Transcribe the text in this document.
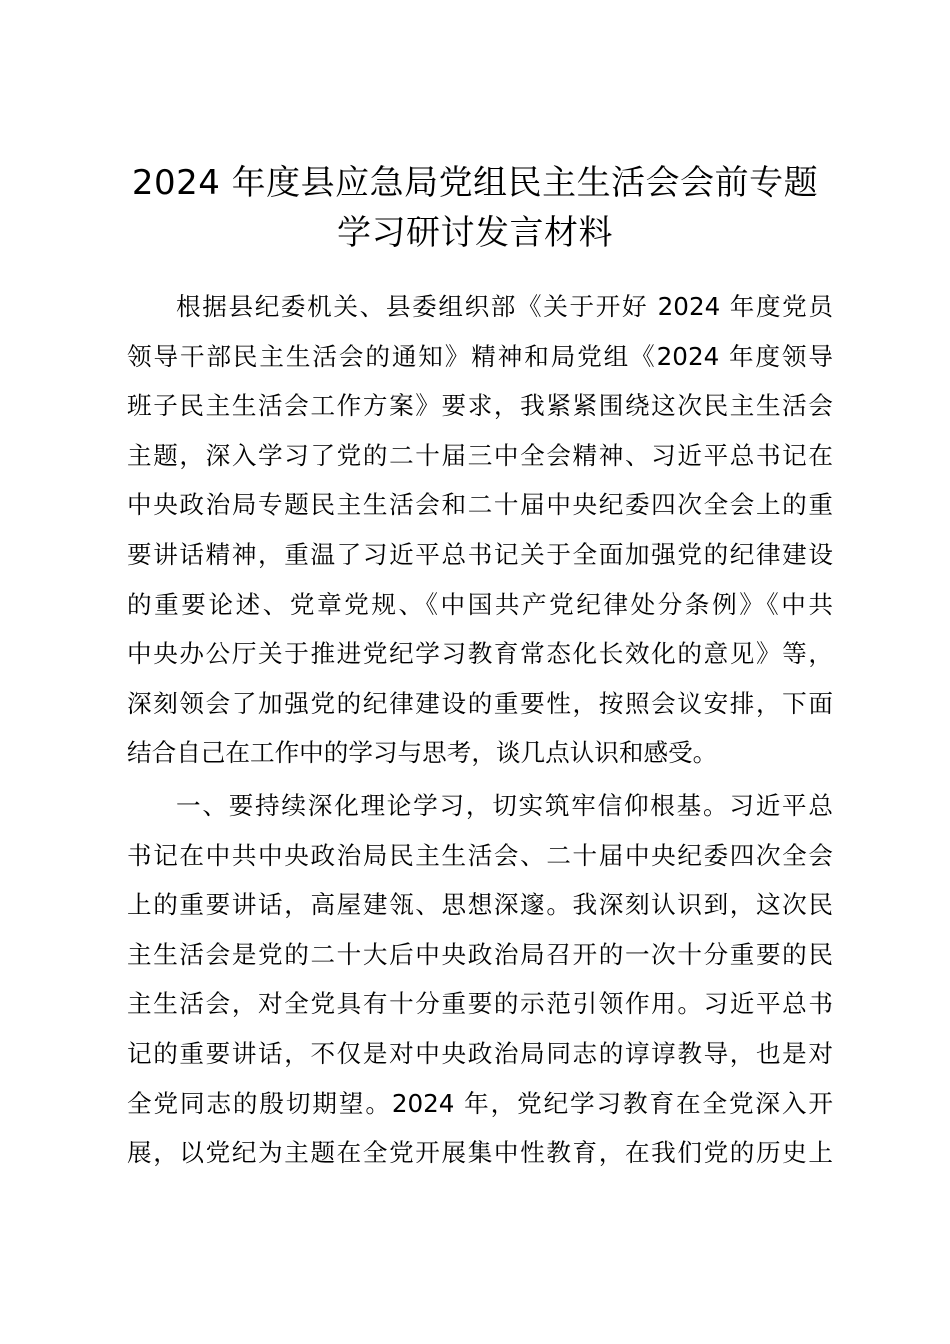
2024 年度县应急局党组民主生活会会前专题
学习研讨发言材料
根据县纪委机关、县委组织部《关于开好 2024 年度党员
领导干部民主生活会的通知》精神和局党组《2024 年度领导
班子民主生活会工作方案》要求，我紧紧围绕这次民主生活会
主题，深入学习了党的二十届三中全会精神、习近平总书记在
中央政治局专题民主生活会和二十届中央纪委四次全会上的重
要讲话精神，重温了习近平总书记关于全面加强党的纪律建设
的重要论述、党章党规、《中国共产党纪律处分条例》《中共
中央办公厅关于推进党纪学习教育常态化长效化的意见》等，
深刻领会了加强党的纪律建设的重要性，按照会议安排，下面
结合自己在工作中的学习与思考，谈几点认识和感受。
一、要持续深化理论学习，切实筑牢信仰根基。习近平总
书记在中共中央政治局民主生活会、二十届中央纪委四次全会
上的重要讲话，高屋建瓴、思想深邃。我深刻认识到，这次民
主生活会是党的二十大后中央政治局召开的一次十分重要的民
主生活会，对全党具有十分重要的示范引领作用。习近平总书
记的重要讲话，不仅是对中央政治局同志的谆谆教导，也是对
全党同志的殷切期望。2024 年，党纪学习教育在全党深入开
展，以党纪为主题在全党开展集中性教育，在我们党的历史上
